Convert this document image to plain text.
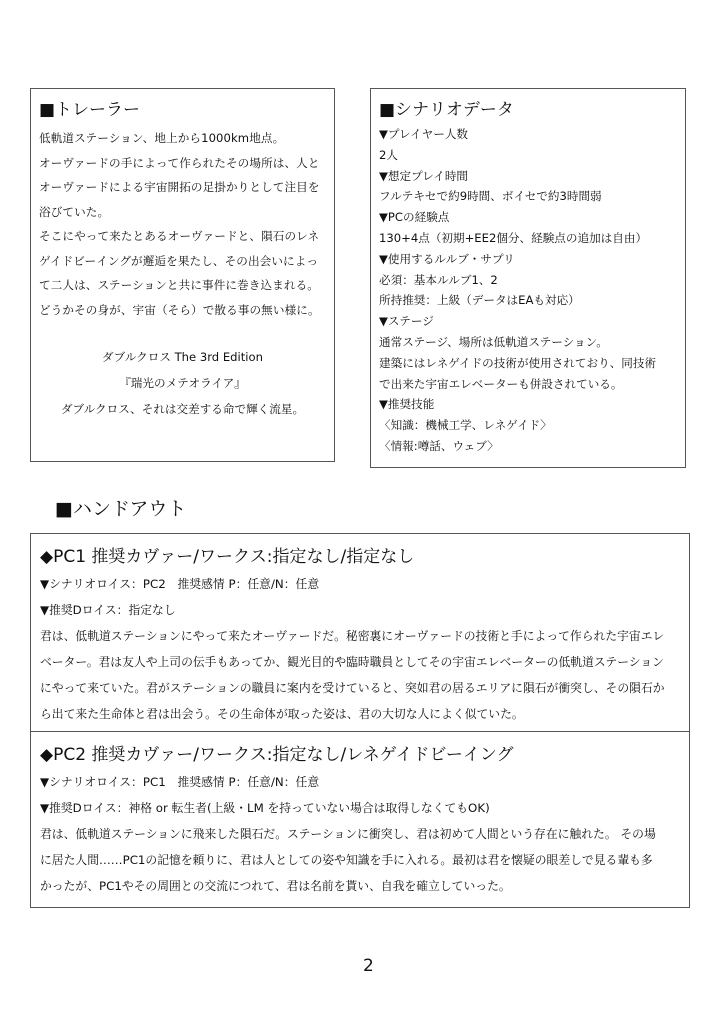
■トレーラー
低軌道ステーション、地上から1000km地点。
オーヴァードの手によって作られたその場所は、人と
オーヴァードによる宇宙開拓の足掛かりとして注目を
浴びていた。
そこにやって来たとあるオーヴァードと、隕石のレネ
ゲイドビーイングが邂逅を果たし、その出会いによっ
て二人は、ステーションと共に事件に巻き込まれる。
どうかその身が、宇宙（そら）で散る事の無い様に。
ダブルクロス The 3rd Edition
『瑞光のメテオライア』
ダブルクロス、それは交差する命で輝く流星。
■シナリオデータ
▼プレイヤー人数
2人
▼想定プレイ時間
フルテキセで約9時間、ボイセで約3時間弱
▼PCの経験点
130+4点（初期+EE2個分、経験点の追加は自由）
▼使用するルルブ・サプリ
必須：基本ルルブ1、2
所持推奨：上級（データはEAも対応）
▼ステージ
通常ステージ、場所は低軌道ステーション。
建築にはレネゲイドの技術が使用されており、同技術
で出来た宇宙エレベーターも併設されている。
▼推奨技能
〈知識：機械工学、レネゲイド〉
〈情報:噂話、ウェブ〉
■ハンドアウト
◆PC1 推奨カヴァー/ワークス:指定なし/指定なし
▼シナリオロイス：PC2　推奨感情 P：任意/N：任意
▼推奨Dロイス：指定なし
君は、低軌道ステーションにやって来たオーヴァードだ。秘密裏にオーヴァードの技術と手によって作られた宇宙エレ
ベーター。君は友人や上司の伝手もあってか、観光目的や臨時職員としてその宇宙エレベーターの低軌道ステーション
にやって来ていた。君がステーションの職員に案内を受けていると、突如君の居るエリアに隕石が衝突し、その隕石か
ら出て来た生命体と君は出会う。その生命体が取った姿は、君の大切な人によく似ていた。
◆PC2 推奨カヴァー/ワークス:指定なし/レネゲイドビーイング
▼シナリオロイス：PC1　推奨感情 P：任意/N：任意
▼推奨Dロイス：神格 or 転生者(上級・LM を持っていない場合は取得しなくてもOK)
君は、低軌道ステーションに飛来した隕石だ。ステーションに衝突し、君は初めて人間という存在に触れた。 その場
に居た人間……PC1の記憶を頼りに、君は人としての姿や知識を手に入れる。最初は君を懐疑の眼差しで見る輩も多
かったが、PC1やその周囲との交流につれて、君は名前を貰い、自我を確立していった。
2
